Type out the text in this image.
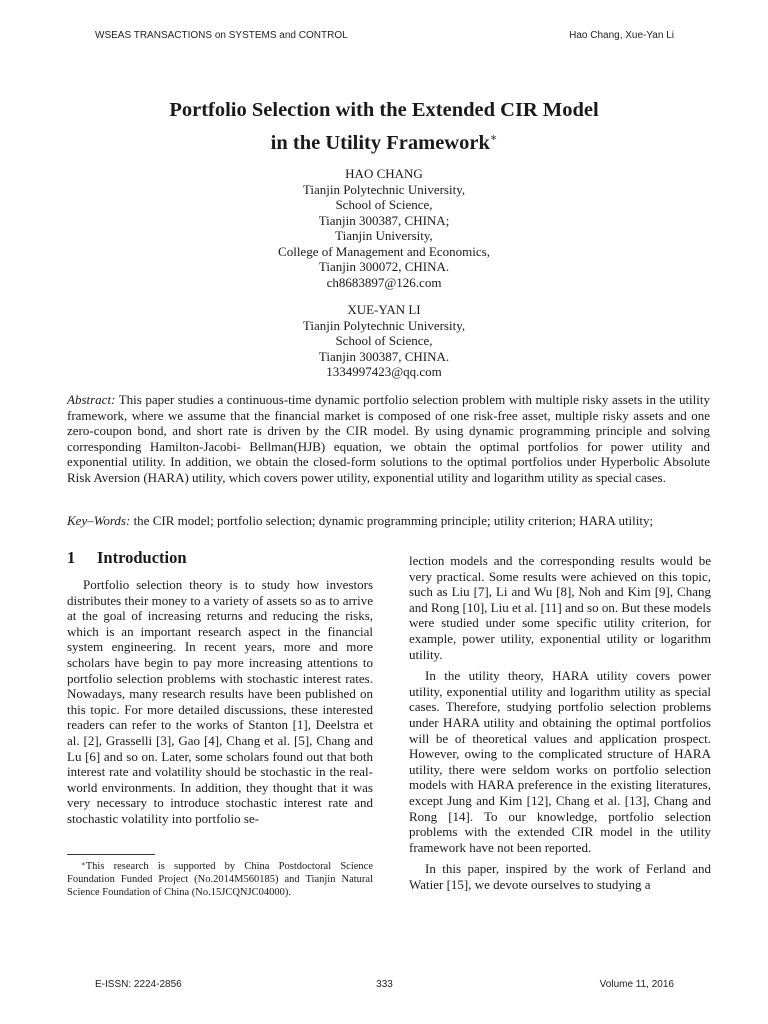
WSEAS TRANSACTIONS on SYSTEMS and CONTROL	Hao Chang, Xue-Yan Li
Portfolio Selection with the Extended CIR Model
in the Utility Framework∗
HAO CHANG
Tianjin Polytechnic University,
School of Science,
Tianjin 300387, CHINA;
Tianjin University,
College of Management and Economics,
Tianjin 300072, CHINA.
ch8683897@126.com
XUE-YAN LI
Tianjin Polytechnic University,
School of Science,
Tianjin 300387, CHINA.
1334997423@qq.com
Abstract: This paper studies a continuous-time dynamic portfolio selection problem with multiple risky assets in the utility framework, where we assume that the financial market is composed of one risk-free asset, multiple risky assets and one zero-coupon bond, and short rate is driven by the CIR model. By using dynamic programming principle and solving corresponding Hamilton-Jacobi- Bellman(HJB) equation, we obtain the optimal portfolios for power utility and exponential utility. In addition, we obtain the closed-form solutions to the optimal portfolios under Hyperbolic Absolute Risk Aversion (HARA) utility, which covers power utility, exponential utility and logarithm utility as special cases.
Key–Words: the CIR model; portfolio selection; dynamic programming principle; utility criterion; HARA utility;
1 Introduction

Portfolio selection theory is to study how investors distributes their money to a variety of assets so as to arrive at the goal of increasing returns and reducing the risks, which is an important research aspect in the financial system engineering. In recent years, more and more scholars have begin to pay more increasing attentions to portfolio selection problems with stochastic interest rates. Nowadays, many research results have been published on this topic. For more detailed discussions, these interested readers can refer to the works of Stanton [1], Deelstra et al. [2], Grasselli [3], Gao [4], Chang et al. [5], Chang and Lu [6] and so on. Later, some scholars found out that both interest rate and volatility should be stochastic in the real-world environments. In addition, they thought that it was very necessary to introduce stochastic interest rate and stochastic volatility into portfolio se-

lection models and the corresponding results would be very practical. Some results were achieved on this topic, such as Liu [7], Li and Wu [8], Noh and Kim [9], Chang and Rong [10], Liu et al. [11] and so on. But these models were studied under some specific utility criterion, for example, power utility, exponential utility or logarithm utility.

In the utility theory, HARA utility covers power utility, exponential utility and logarithm utility as special cases. Therefore, studying portfolio selection problems under HARA utility and obtaining the optimal portfolios will be of theoretical values and application prospect. However, owing to the complicated structure of HARA utility, there were seldom works on portfolio selection models with HARA preference in the existing literatures, except Jung and Kim [12], Chang et al. [13], Chang and Rong [14]. To our knowledge, portfolio selection problems with the extended CIR model in the utility framework have not been reported.

In this paper, inspired by the work of Ferland and Watier [15], we devote ourselves to studying a

∗This research is supported by China Postdoctoral Science Foundation Funded Project (No.2014M560185) and Tianjin Natural Science Foundation of China (No.15JCQNJC04000).
E-ISSN: 2224-2856	333	Volume 11, 2016
